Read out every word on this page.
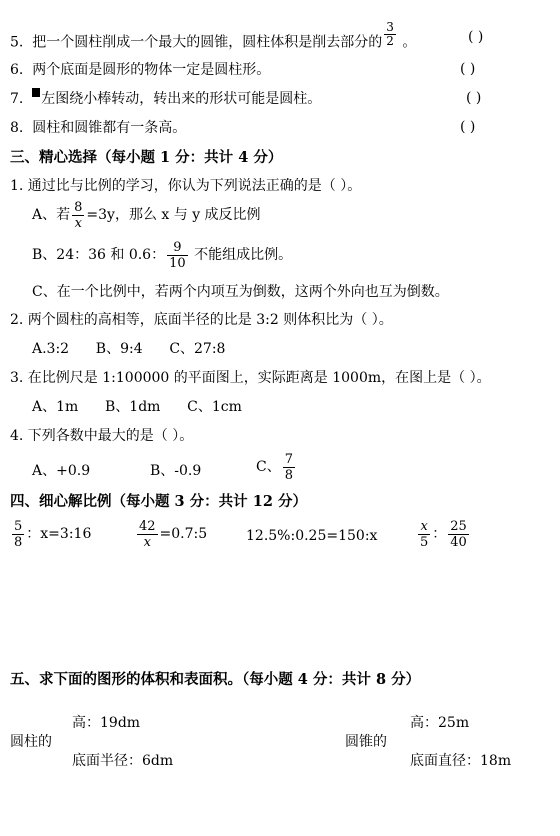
5. 把一个圆柱削成一个最大的圆锥，圆柱体积是削去部分的 $\frac{3}{2}$ 。	( )
6. 两个底面是圆形的物体一定是圆柱形。	( )
7. 左图绕小棒转动，转出来的形状可能是圆柱。	( )
8. 圆柱和圆锥都有一条高。	( )
三、精心选择（每小题 1 分：共计 4 分）
1. 通过比与比例的学习，你认为下列说法正确的是（ ）。
A、若 $\frac{8}{x} =3y$，那么 x 与 y 成反比例
B、24：36 和 0.6： $\frac{9}{10}$ 不能组成比例。
C、在一个比例中，若两个内项互为倒数，这两个外向也互为倒数。
2. 两个圆柱的高相等，底面半径的比是 3:2 则体积比为（ ）。
A.3:2      B、9:4      C、27:8
3. 在比例尺是 1:100000 的平面图上，实际距离是 1000m，在图上是（ ）。
A、1m      B、1dm      C、1cm
4. 下列各数中最大的是（ ）。
A、+0.9	B、-0.9	C、 $\frac{7}{8}$
四、细心解比例（每小题 3 分：共计 12 分）
$\frac{5}{8}$ ：x=3:16	$\frac{42}{x}$ =0.7:5	12.5%:0.25=150:x	$\frac{x}{5}$ ： $\frac{25}{40}$
五、求下面的图形的体积和表面积。（每小题 4 分：共计 8 分）
高：19dm
圆柱的
底面半径：6dm
高：25m
圆锥的
底面直径：18m
